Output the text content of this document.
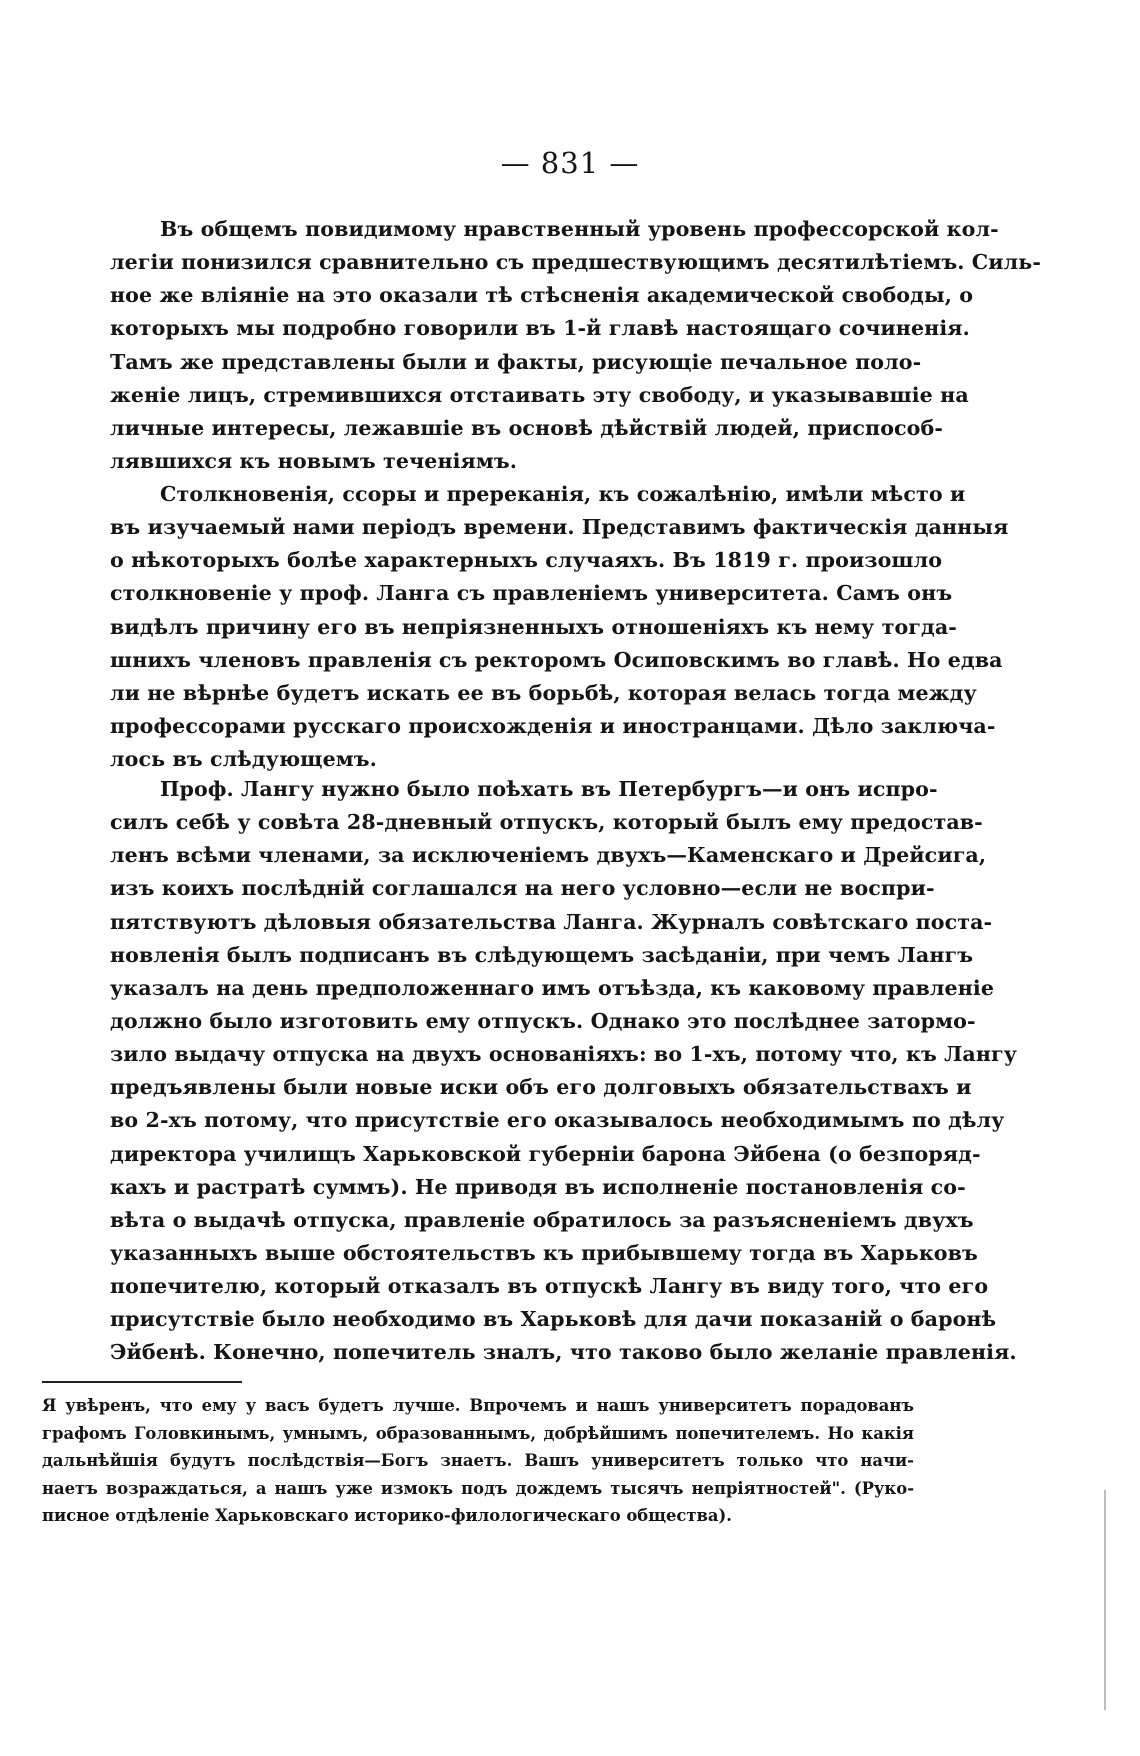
— 831 —
Въ общемъ повидимому нравственный уровень профессорской кол-
легіи понизился сравнительно съ предшествующимъ десятилѣтіемъ. Силь-
ное же вліяніе на это оказали тѣ стѣсненія академической свободы, о
которыхъ мы подробно говорили въ 1-й главѣ настоящаго сочиненія.
Тамъ же представлены были и факты, рисующіе печальное поло-
женіе лицъ, стремившихся отстаивать эту свободу, и указывавшіе на
личные интересы, лежавшіе въ основѣ дѣйствій людей, приспособ-
лявшихся къ новымъ теченіямъ.
Столкновенія, ссоры и пререканія, къ сожалѣнію, имѣли мѣсто и
въ изучаемый нами періодъ времени. Представимъ фактическія данныя
о нѣкоторыхъ болѣе характерныхъ случаяхъ. Въ 1819 г. произошло
столкновеніе у проф. Ланга съ правленіемъ университета. Самъ онъ
видѣлъ причину его въ непріязненныхъ отношеніяхъ къ нему тогда-
шнихъ членовъ правленія съ ректоромъ Осиповскимъ во главѣ. Но едва
ли не вѣрнѣе будетъ искать ее въ борьбѣ, которая велась тогда между
профессорами русскаго происхожденія и иностранцами. Дѣло заключа-
лось въ слѣдующемъ.
Проф. Лангу нужно было поѣхать въ Петербургъ—и онъ испро-
силъ себѣ у совѣта 28-дневный отпускъ, который былъ ему предостав-
ленъ всѣми членами, за исключеніемъ двухъ—Каменскаго и Дрейсига,
изъ коихъ послѣдній соглашался на него условно—если не воспри-
пятствуютъ дѣловыя обязательства Ланга. Журналъ совѣтскаго поста-
новленія былъ подписанъ въ слѣдующемъ засѣданіи, при чемъ Лангъ
указалъ на день предположеннаго имъ отъѣзда, къ каковому правленіе
должно было изготовить ему отпускъ. Однако это послѣднее затормо-
зило выдачу отпуска на двухъ основаніяхъ: во 1-хъ, потому что, къ Лангу
предъявлены были новые иски объ его долговыхъ обязательствахъ и
во 2-хъ потому, что присутствіе его оказывалось необходимымъ по дѣлу
директора училищъ Харьковской губерніи барона Эйбена (о безпоряд-
кахъ и растратѣ суммъ). Не приводя въ исполненіе постановленія со-
вѣта о выдачѣ отпуска, правленіе обратилось за разъясненіемъ двухъ
указанныхъ выше обстоятельствъ къ прибывшему тогда въ Харьковъ
попечителю, который отказалъ въ отпускѣ Лангу въ виду того, что его
присутствіе было необходимо въ Харьковѣ для дачи показаній о баронѣ
Эйбенѣ. Конечно, попечитель зналъ, что таково было желаніе правленія.
Я увѣренъ, что ему у васъ будетъ лучше. Впрочемъ и нашъ университетъ порадованъ
графомъ Головкинымъ, умнымъ, образованнымъ, добрѣйшимъ попечителемъ. Но какія
дальнѣйшія будутъ послѣдствія—Богъ знаетъ. Вашъ университетъ только что начи-
наетъ возраждаться, а нашъ уже измокъ подъ дождемъ тысячъ непріятностей". (Руко-
писное отдѣленіе Харьковскаго историко-филологическаго общества).
